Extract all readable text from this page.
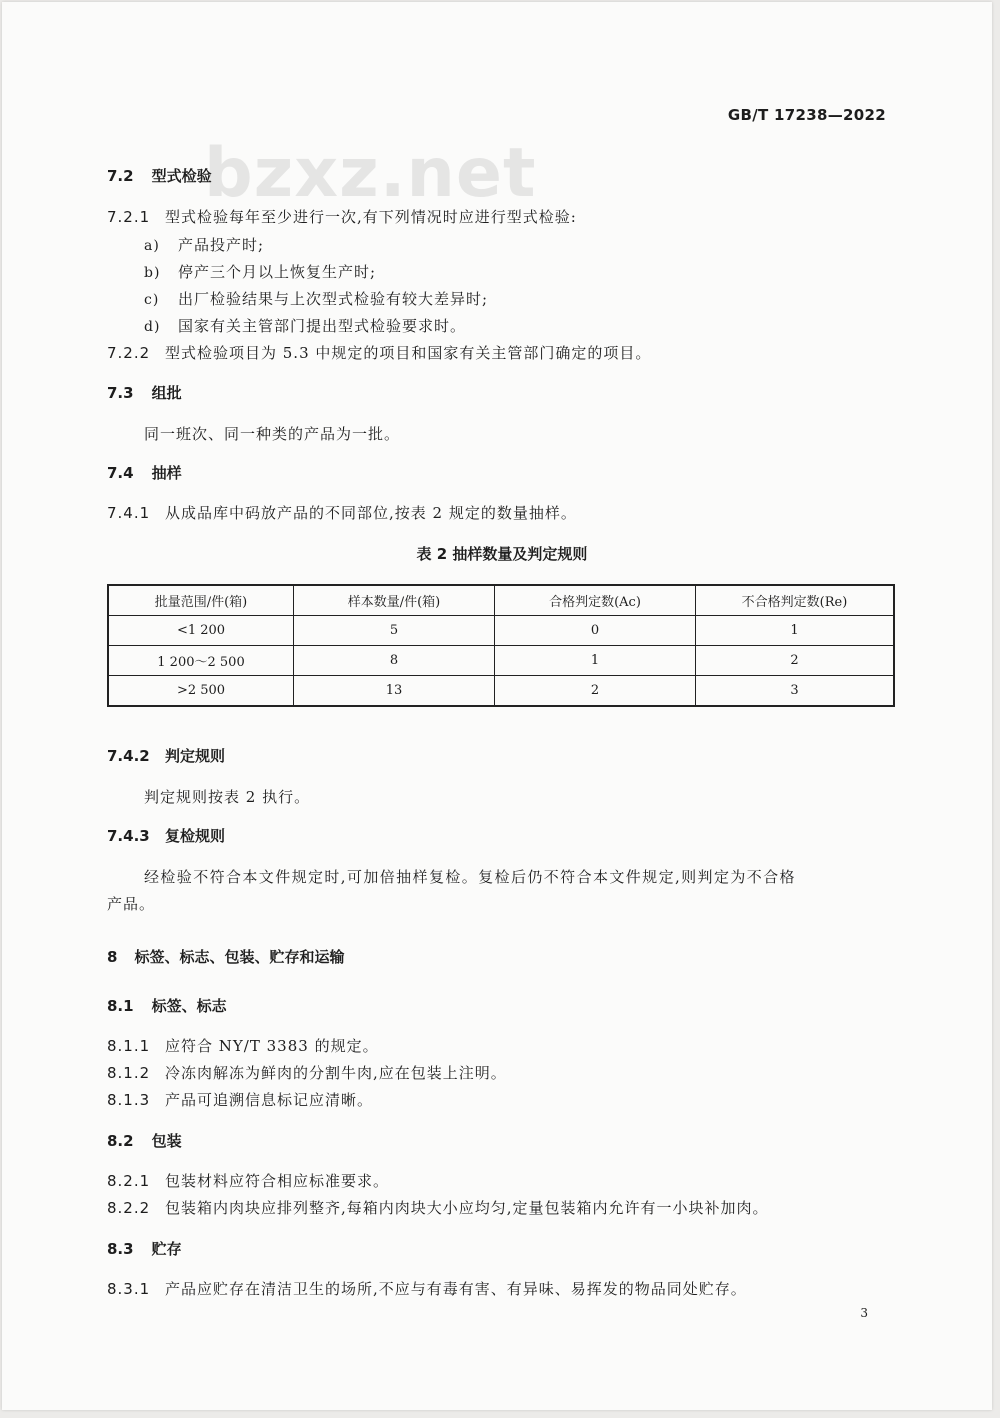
GB/T 17238—2022
bzxz.net
7.2 型式检验
7.2.1 型式检验每年至少进行一次,有下列情况时应进行型式检验:
a) 产品投产时;
b) 停产三个月以上恢复生产时;
c) 出厂检验结果与上次型式检验有较大差异时;
d) 国家有关主管部门提出型式检验要求时。
7.2.2 型式检验项目为 5.3 中规定的项目和国家有关主管部门确定的项目。
7.3 组批
同一班次、同一种类的产品为一批。
7.4 抽样
7.4.1 从成品库中码放产品的不同部位,按表 2 规定的数量抽样。
表 2 抽样数量及判定规则
批量范围/件(箱)	样本数量/件(箱)	合格判定数(Ac)	不合格判定数(Re)
<1 200	5	0	1
1 200～2 500	8	1	2
>2 500	13	2	3
7.4.2 判定规则
判定规则按表 2 执行。
7.4.3 复检规则
经检验不符合本文件规定时,可加倍抽样复检。复检后仍不符合本文件规定,则判定为不合格
产品。
8 标签、标志、包装、贮存和运输
8.1 标签、标志
8.1.1 应符合 NY/T 3383 的规定。
8.1.2 冷冻肉解冻为鲜肉的分割牛肉,应在包装上注明。
8.1.3 产品可追溯信息标记应清晰。
8.2 包装
8.2.1 包装材料应符合相应标准要求。
8.2.2 包装箱内肉块应排列整齐,每箱内肉块大小应均匀,定量包装箱内允许有一小块补加肉。
8.3 贮存
8.3.1 产品应贮存在清洁卫生的场所,不应与有毒有害、有异味、易挥发的物品同处贮存。
3
